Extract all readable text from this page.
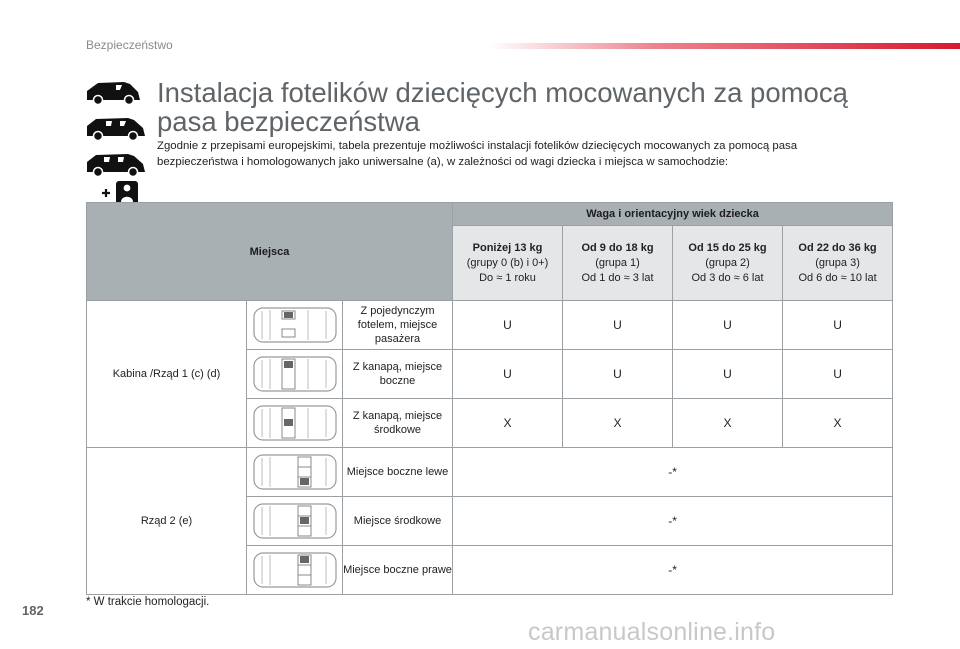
Bezpieczeństwo
Instalacja fotelików dziecięcych mocowanych za pomocą pasa bezpieczeństwa

Zgodnie z przepisami europejskimi, tabela prezentuje możliwości instalacji fotelików dziecięcych mocowanych za pomocą pasa bezpieczeństwa i homologowanych jako uniwersalne (a), w zależności od wagi dziecka i miejsca w samochodzie:

Miejsca			Waga i orientacyjny wiek dziecka			

			Poniżej 13 kg
(grupy 0 (b) i 0+)
Do ≈ 1 roku	Od 9 do 18 kg
(grupa 1)
Od 1 do ≈ 3 lat	Od 15 do 25 kg
(grupa 2)
Od 3 do ≈ 6 lat	Od 22 do 36 kg
(grupa 3)
Od 6 do ≈ 10 lat
Kabina /Rząd 1 (c) (d)		Z pojedynczym fotelem, miejsce pasażera	U	U	U	U

	Z kanapą, miejsce boczne	U	U	U	U

	Z kanapą, miejsce środkowe	X	X	X	X
Rząd 2 (e)		Miejsce boczne lewe	-*			

	Miejsce środkowe	-*			

	Miejsce boczne prawe	-*			
* W trakcie homologacji.
182
carmanualsonline.info
